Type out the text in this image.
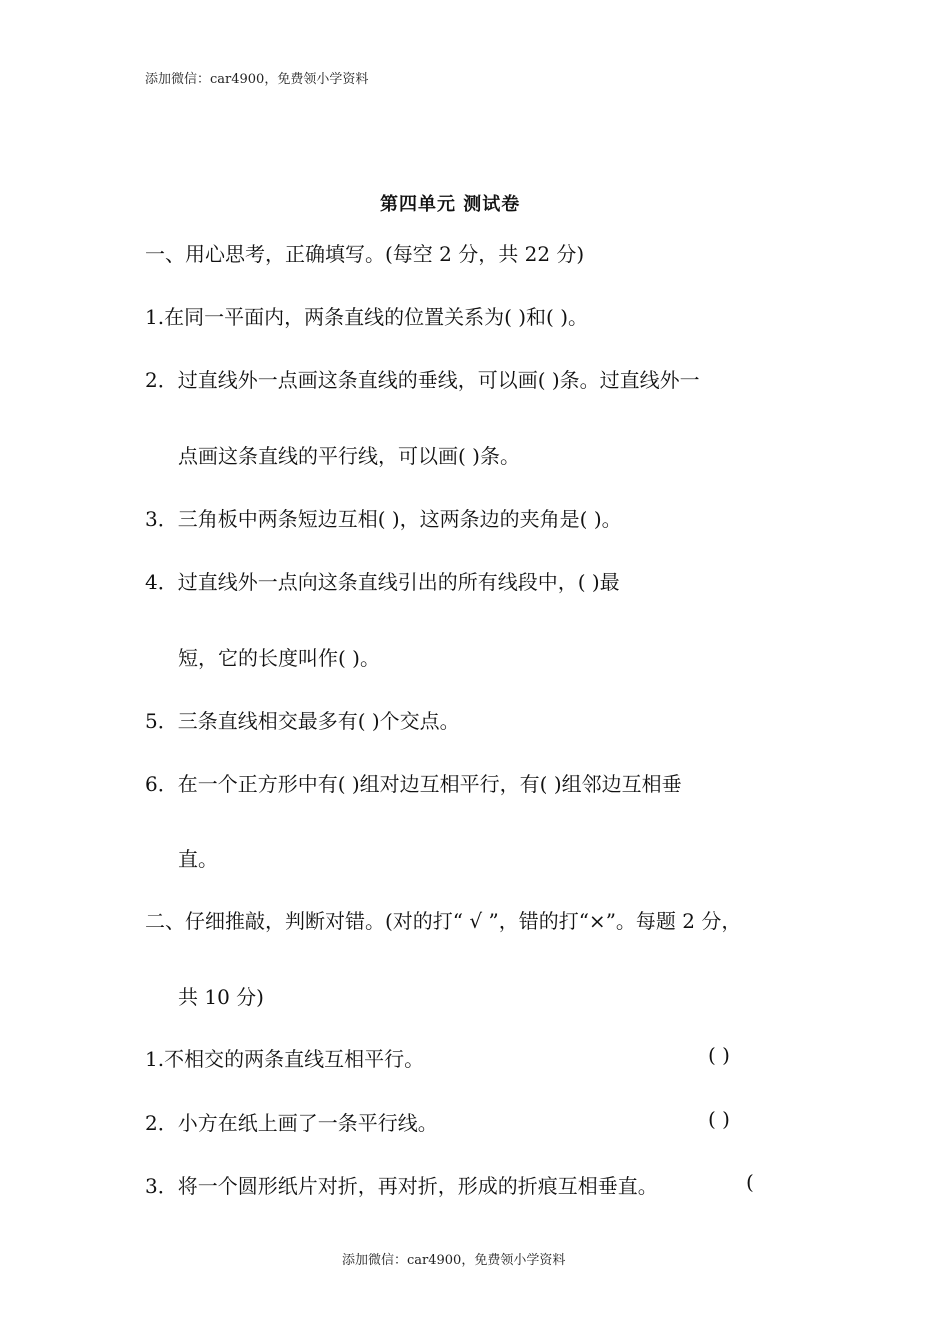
添加微信：car4900，免费领小学资料
第四单元 测试卷
一、用心思考，正确填写。(每空 2 分，共 22 分)
1.在同一平面内，两条直线的位置关系为( )和( )。
2．过直线外一点画这条直线的垂线，可以画( )条。过直线外一
点画这条直线的平行线，可以画( )条。
3．三角板中两条短边互相( )，这两条边的夹角是( )。
4．过直线外一点向这条直线引出的所有线段中，( )最
短，它的长度叫作( )。
5．三条直线相交最多有( )个交点。
6．在一个正方形中有( )组对边互相平行，有( )组邻边互相垂
直。
二、仔细推敲，判断对错。(对的打“ √ ”，错的打“×”。每题 2 分，
共 10 分)
1.不相交的两条直线互相平行。	( )
2．小方在纸上画了一条平行线。	( )
3．将一个圆形纸片对折，再对折，形成的折痕互相垂直。	(
添加微信：car4900，免费领小学资料
